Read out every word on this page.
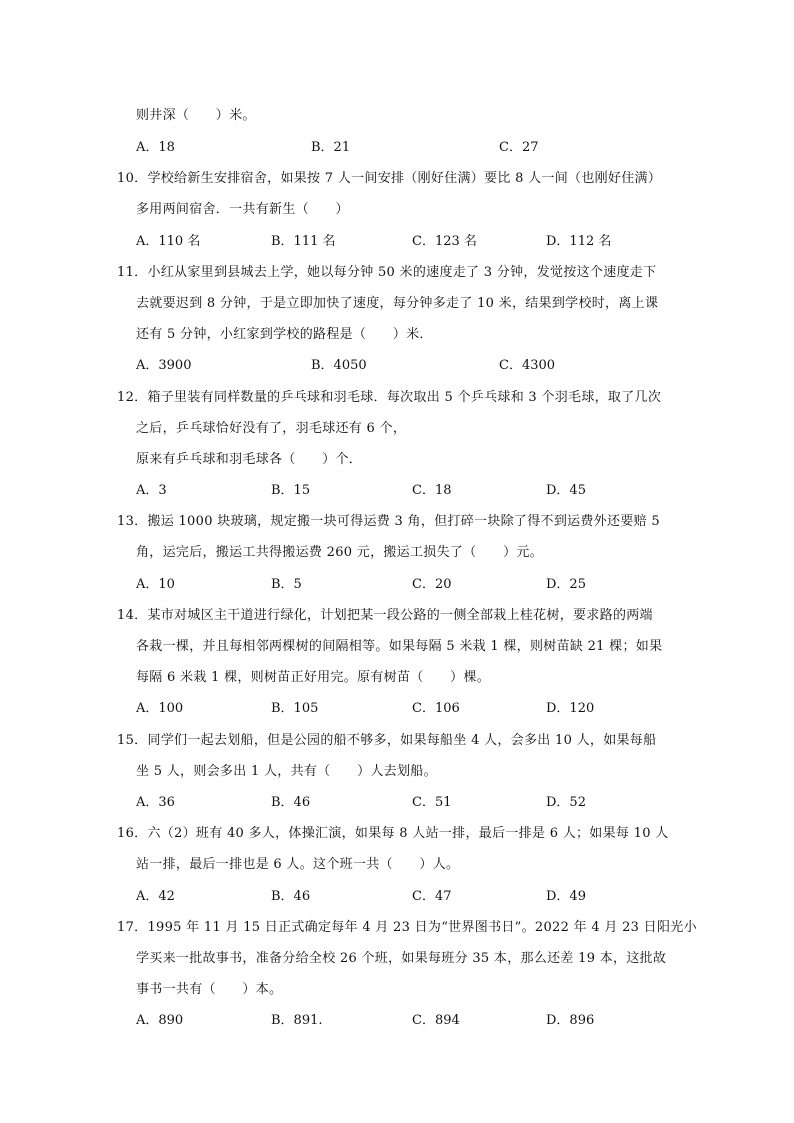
则井深（　　）米。
A．18	B．21	C．27
10．学校给新生安排宿舍，如果按 7 人一间安排（刚好住满）要比 8 人一间（也刚好住满）
多用两间宿舍．一共有新生（　　）
A．110 名	B．111 名	C．123 名	D．112 名
11．小红从家里到县城去上学，她以每分钟 50 米的速度走了 3 分钟，发觉按这个速度走下
去就要迟到 8 分钟，于是立即加快了速度，每分钟多走了 10 米，结果到学校时，离上课
还有 5 分钟，小红家到学校的路程是（　　）米．
A．3900	B．4050	C．4300
12．箱子里装有同样数量的乒乓球和羽毛球．每次取出 5 个乒乓球和 3 个羽毛球，取了几次
之后，乒乓球恰好没有了，羽毛球还有 6 个，
原来有乒乓球和羽毛球各（　　）个．
A．3	B．15	C．18	D．45
13．搬运 1000 块玻璃，规定搬一块可得运费 3 角，但打碎一块除了得不到运费外还要赔 5
角，运完后，搬运工共得搬运费 260 元，搬运工损失了（　　）元。
A．10	B．5	C．20	D．25
14．某市对城区主干道进行绿化，计划把某一段公路的一侧全部栽上桂花树，要求路的两端
各栽一棵，并且每相邻两棵树的间隔相等。如果每隔 5 米栽 1 棵，则树苗缺 21 棵；如果
每隔 6 米栽 1 棵，则树苗正好用完。原有树苗（　　）棵。
A．100	B．105	C．106	D．120
15．同学们一起去划船，但是公园的船不够多，如果每船坐 4 人，会多出 10 人，如果每船
坐 5 人，则会多出 1 人，共有（　　）人去划船。
A．36	B．46	C．51	D．52
16．六（2）班有 40 多人，体操汇演，如果每 8 人站一排，最后一排是 6 人；如果每 10 人
站一排，最后一排也是 6 人。这个班一共（　　）人。
A．42	B．46	C．47	D．49
17．1995 年 11 月 15 日正式确定每年 4 月 23 日为“世界图书日”。2022 年 4 月 23 日阳光小
学买来一批故事书，准备分给全校 26 个班，如果每班分 35 本，那么还差 19 本，这批故
事书一共有（　　）本。
A．890	B．891.	C．894	D．896
